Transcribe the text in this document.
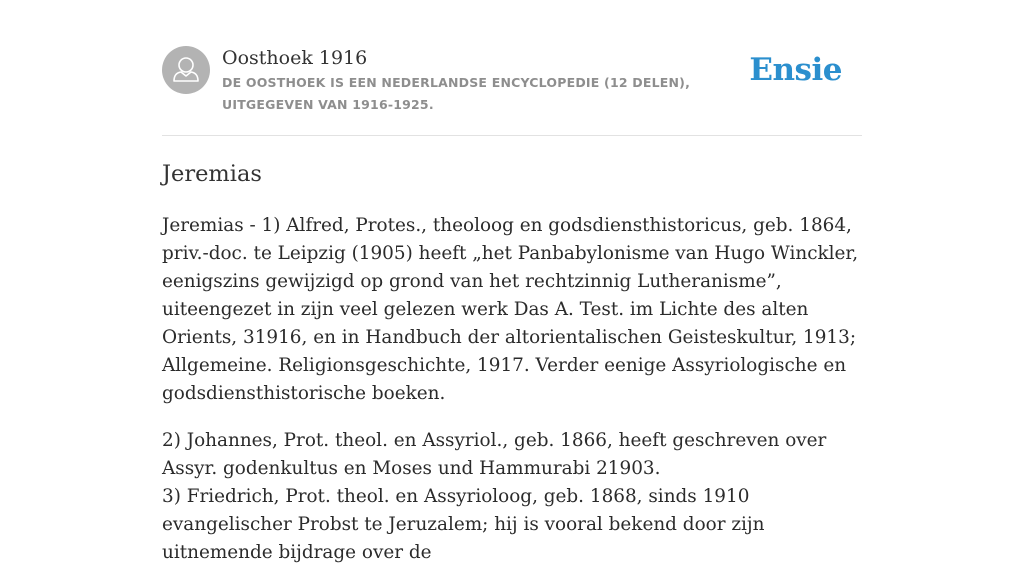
Oosthoek 1916
DE OOSTHOEK IS EEN NEDERLANDSE ENCYCLOPEDIE (12 DELEN), UITGEGEVEN VAN 1916-1925.
Ensie
Jeremias

Jeremias - 1) Alfred, Protes., theoloog en godsdiensthistoricus, geb. 1864, priv.-doc. te Leipzig (1905) heeft „het Panbabylonisme van Hugo Winckler, eenigszins gewijzigd op grond van het rechtzinnig Lutheranisme”, uiteengezet in zijn veel gelezen werk Das A. Test. im Lichte des alten Orients, 31916, en in Handbuch der altorientalischen Geisteskultur, 1913; Allgemeine. Religionsgeschichte, 1917. Verder eenige Assyriologische en godsdiensthistorische boeken.

2) Johannes, Prot. theol. en Assyriol., geb. 1866, heeft geschreven over Assyr. godenkultus en Moses und Hammurabi 21903.
3) Friedrich, Prot. theol. en Assyrioloog, geb. 1868, sinds 1910 evangelischer Probst te Jeruzalem; hij is vooral bekend door zijn uitnemende bijdrage over de
